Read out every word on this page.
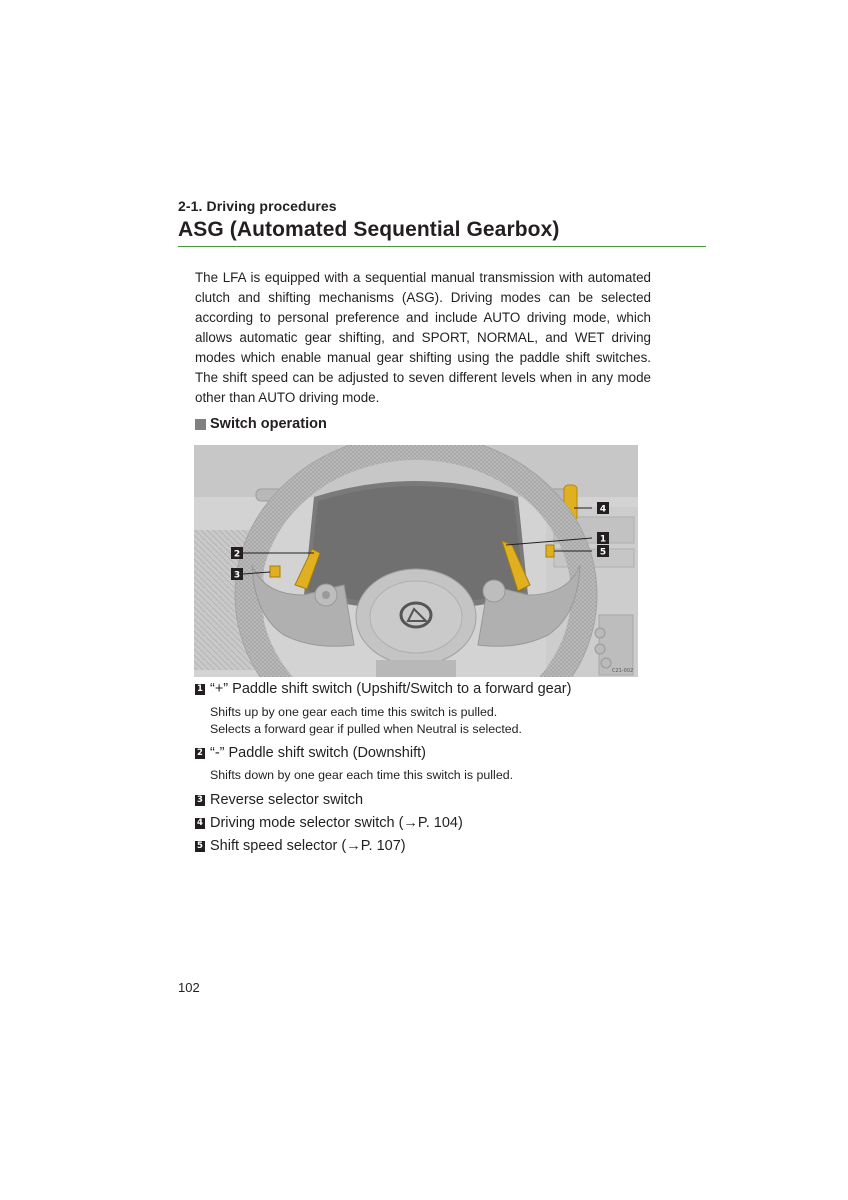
2-1. Driving procedures
ASG (Automated Sequential Gearbox)

The LFA is equipped with a sequential manual transmission with automated clutch and shifting mechanisms (ASG). Driving modes can be selected according to personal preference and include AUTO driving mode, which allows automatic gear shifting, and SPORT, NORMAL, and WET driving modes which enable manual gear shifting using the paddle shift switches. The shift speed can be adjusted to seven different levels when in any mode other than AUTO driving mode.

Switch operation
2
3
4
1
5
C21-002
1 “+” Paddle shift switch (Upshift/Switch to a forward gear)

Shifts up by one gear each time this switch is pulled.

Selects a forward gear if pulled when Neutral is selected.

2 “-” Paddle shift switch (Downshift)

Shifts down by one gear each time this switch is pulled.

3 Reverse selector switch
4 Driving mode selector switch (→P. 104)
5 Shift speed selector (→P. 107)
102
